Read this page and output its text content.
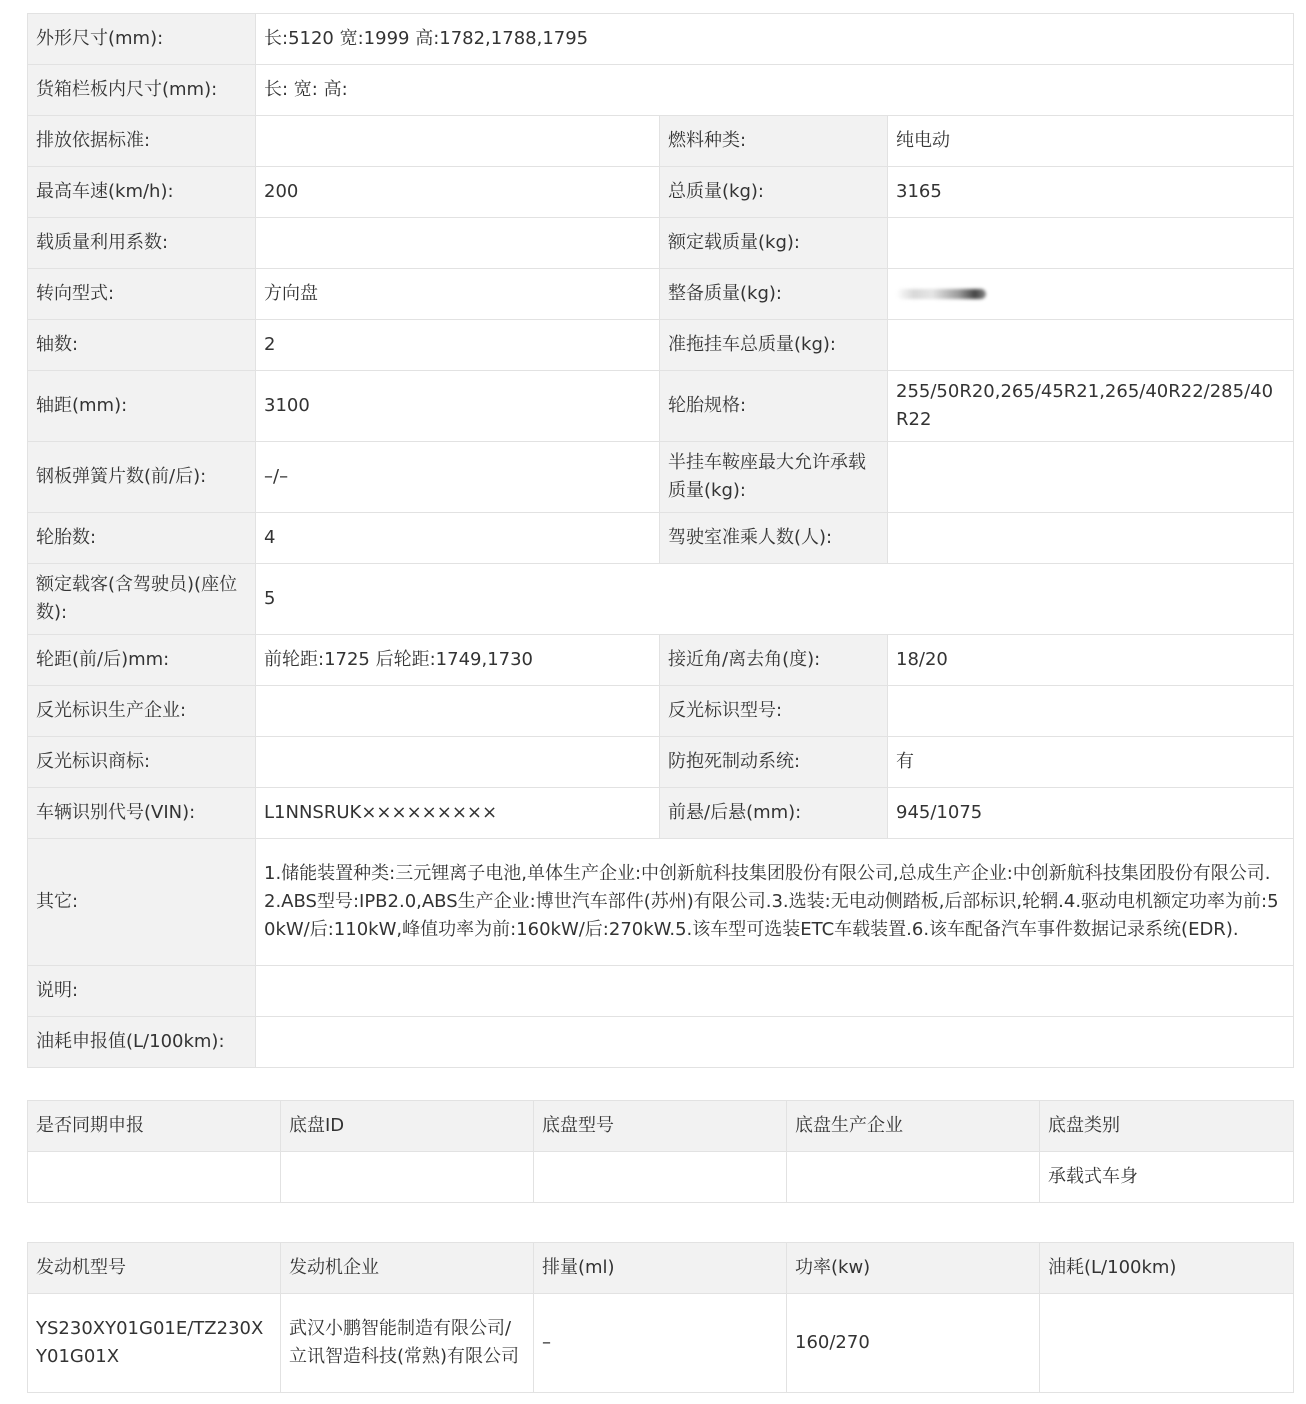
外形尺寸(mm):	长:5120 宽:1999 高:1782,1788,1795		
货箱栏板内尺寸(mm):	长: 宽: 高:		
排放依据标准:		燃料种类:	纯电动
最高车速(km/h):	200	总质量(kg):	3165
载质量利用系数:		额定载质量(kg):	
转向型式:	方向盘	整备质量(kg):	
轴数:	2	准拖挂车总质量(kg):	
轴距(mm):	3100	轮胎规格:	255/50R20,265/45R21,265/40R22/285/40R22
钢板弹簧片数(前/后):	–/–	半挂车鞍座最大允许承载质量(kg):	
轮胎数:	4	驾驶室准乘人数(人):	
额定载客(含驾驶员)(座位数):	5		
轮距(前/后)mm:	前轮距:1725 后轮距:1749,1730	接近角/离去角(度):	18/20
反光标识生产企业:		反光标识型号:	
反光标识商标:		防抱死制动系统:	有
车辆识别代号(VIN):	L1NNSRUK×××××××××	前悬/后悬(mm):	945/1075
其它:	1.储能装置种类:三元锂离子电池,单体生产企业:中创新航科技集团股份有限公司,总成生产企业:中创新航科技集团股份有限公司.2.ABS型号:IPB2.0,ABS生产企业:博世汽车部件(苏州)有限公司.3.选装:无电动侧踏板,后部标识,轮辋.4.驱动电机额定功率为前:50kW/后:110kW,峰值功率为前:160kW/后:270kW.5.该车型可选装ETC车载装置.6.该车配备汽车事件数据记录系统(EDR).		
说明:			
油耗申报值(L/100km):			
是否同期申报	底盘ID	底盘型号	底盘生产企业	底盘类别
				承载式车身
发动机型号	发动机企业	排量(ml)	功率(kw)	油耗(L/100km)
YS230XY01G01E/TZ230XY01G01X	武汉小鹏智能制造有限公司/立讯智造科技(常熟)有限公司	–	160/270	
